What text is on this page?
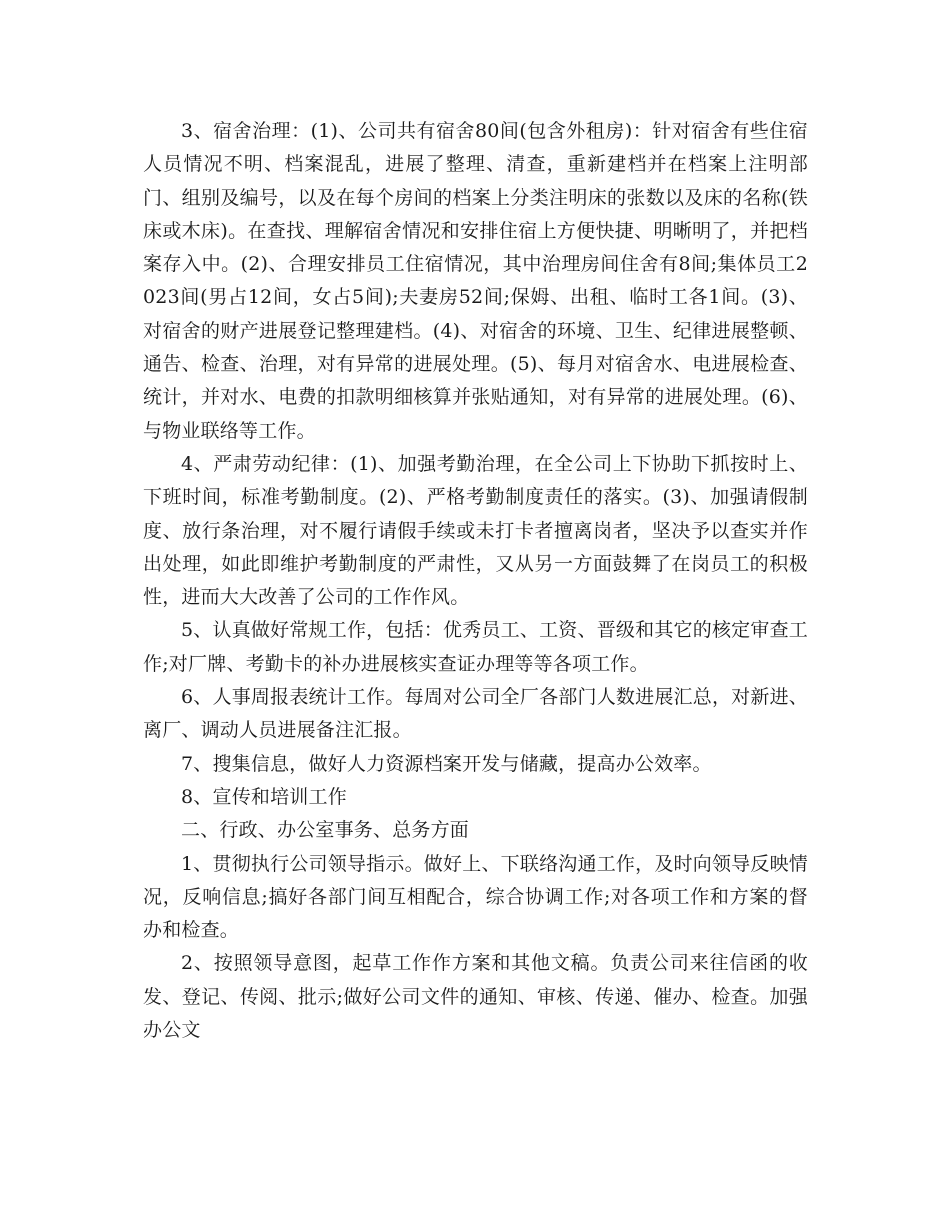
3、宿舍治理：(1)、公司共有宿舍80间(包含外租房)：针对宿舍有些住宿人员情况不明、档案混乱，进展了整理、清查，重新建档并在档案上注明部门、组别及编号，以及在每个房间的档案上分类注明床的张数以及床的名称(铁床或木床)。在查找、理解宿舍情况和安排住宿上方便快捷、明晰明了，并把档案存入中。(2)、合理安排员工住宿情况，其中治理房间住舍有8间;集体员工2023间(男占12间，女占5间);夫妻房52间;保姆、出租、临时工各1间。(3)、对宿舍的财产进展登记整理建档。(4)、对宿舍的环境、卫生、纪律进展整顿、通告、检查、治理，对有异常的进展处理。(5)、每月对宿舍水、电进展检查、统计，并对水、电费的扣款明细核算并张贴通知，对有异常的进展处理。(6)、与物业联络等工作。

4、严肃劳动纪律：(1)、加强考勤治理，在全公司上下协助下抓按时上、下班时间，标准考勤制度。(2)、严格考勤制度责任的落实。(3)、加强请假制度、放行条治理，对不履行请假手续或未打卡者擅离岗者，坚决予以查实并作出处理，如此即维护考勤制度的严肃性，又从另一方面鼓舞了在岗员工的积极性，进而大大改善了公司的工作作风。

5、认真做好常规工作，包括：优秀员工、工资、晋级和其它的核定审查工作;对厂牌、考勤卡的补办进展核实查证办理等等各项工作。

6、人事周报表统计工作。每周对公司全厂各部门人数进展汇总，对新进、离厂、调动人员进展备注汇报。

7、搜集信息，做好人力资源档案开发与储藏，提高办公效率。

8、宣传和培训工作

二、行政、办公室事务、总务方面

1、贯彻执行公司领导指示。做好上、下联络沟通工作，及时向领导反映情况，反响信息;搞好各部门间互相配合，综合协调工作;对各项工作和方案的督办和检查。

2、按照领导意图，起草工作作方案和其他文稿。负责公司来往信函的收发、登记、传阅、批示;做好公司文件的通知、审核、传递、催办、检查。加强办公文
